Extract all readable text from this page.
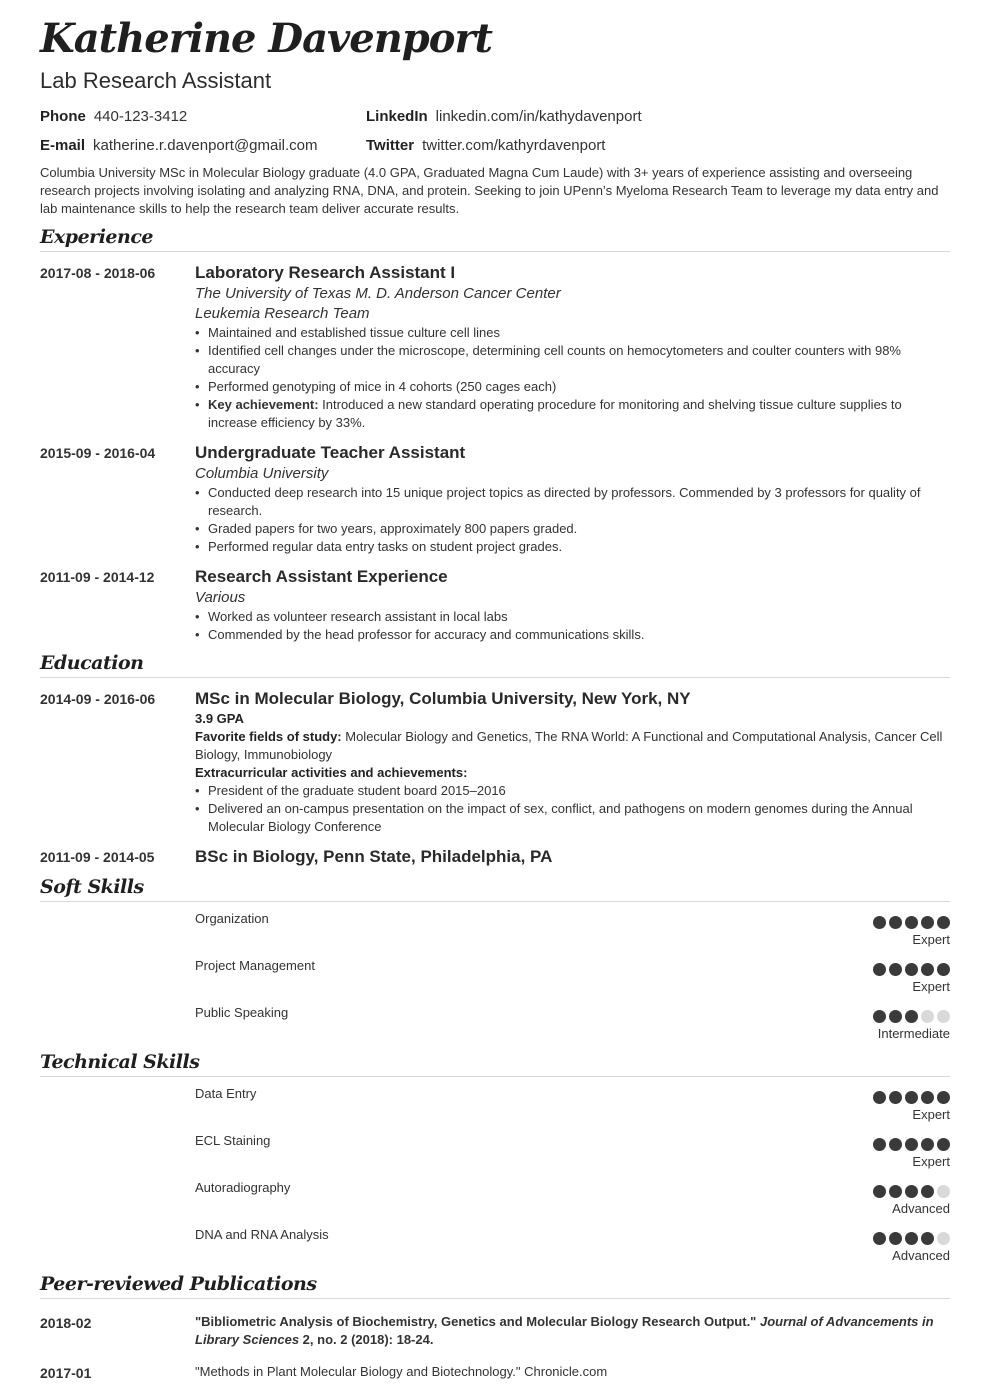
Katherine Davenport
Lab Research Assistant
Phone 440-123-3412	LinkedIn linkedin.com/in/kathydavenport
E-mail katherine.r.davenport@gmail.com	Twitter twitter.com/kathyrdavenport
Columbia University MSc in Molecular Biology graduate (4.0 GPA, Graduated Magna Cum Laude) with 3+ years of experience assisting and overseeing research projects involving isolating and analyzing RNA, DNA, and protein. Seeking to join UPenn’s Myeloma Research Team to leverage my data entry and lab maintenance skills to help the research team deliver accurate results.
Experience
2017-08 - 2018-06	Laboratory Research Assistant I
The University of Texas M. D. Anderson Cancer Center
Leukemia Research Team
• Maintained and established tissue culture cell lines
• Identified cell changes under the microscope, determining cell counts on hemocytometers and coulter counters with 98% accuracy
• Performed genotyping of mice in 4 cohorts (250 cages each)
• Key achievement: Introduced a new standard operating procedure for monitoring and shelving tissue culture supplies to increase efficiency by 33%.
2015-09 - 2016-04	Undergraduate Teacher Assistant
Columbia University
• Conducted deep research into 15 unique project topics as directed by professors. Commended by 3 professors for quality of research.
• Graded papers for two years, approximately 800 papers graded.
• Performed regular data entry tasks on student project grades.
2011-09 - 2014-12	Research Assistant Experience
Various
• Worked as volunteer research assistant in local labs
• Commended by the head professor for accuracy and communications skills.
Education
2014-09 - 2016-06	MSc in Molecular Biology, Columbia University, New York, NY
3.9 GPA
Favorite fields of study: Molecular Biology and Genetics, The RNA World: A Functional and Computational Analysis, Cancer Cell Biology, Immunobiology
Extracurricular activities and achievements:
• President of the graduate student board 2015–2016
• Delivered an on-campus presentation on the impact of sex, conflict, and pathogens on modern genomes during the Annual Molecular Biology Conference
2011-09 - 2014-05	BSc in Biology, Penn State, Philadelphia, PA
Soft Skills
Organization
Expert
Project Management
Expert
Public Speaking
Intermediate
Technical Skills
Data Entry
Expert
ECL Staining
Expert
Autoradiography
Advanced
DNA and RNA Analysis
Advanced
Peer-reviewed Publications
2018-02	"Bibliometric Analysis of Biochemistry, Genetics and Molecular Biology Research Output." Journal of Advancements in Library Sciences 2, no. 2 (2018): 18-24.
2017-01	"Methods in Plant Molecular Biology and Biotechnology." Chronicle.com
